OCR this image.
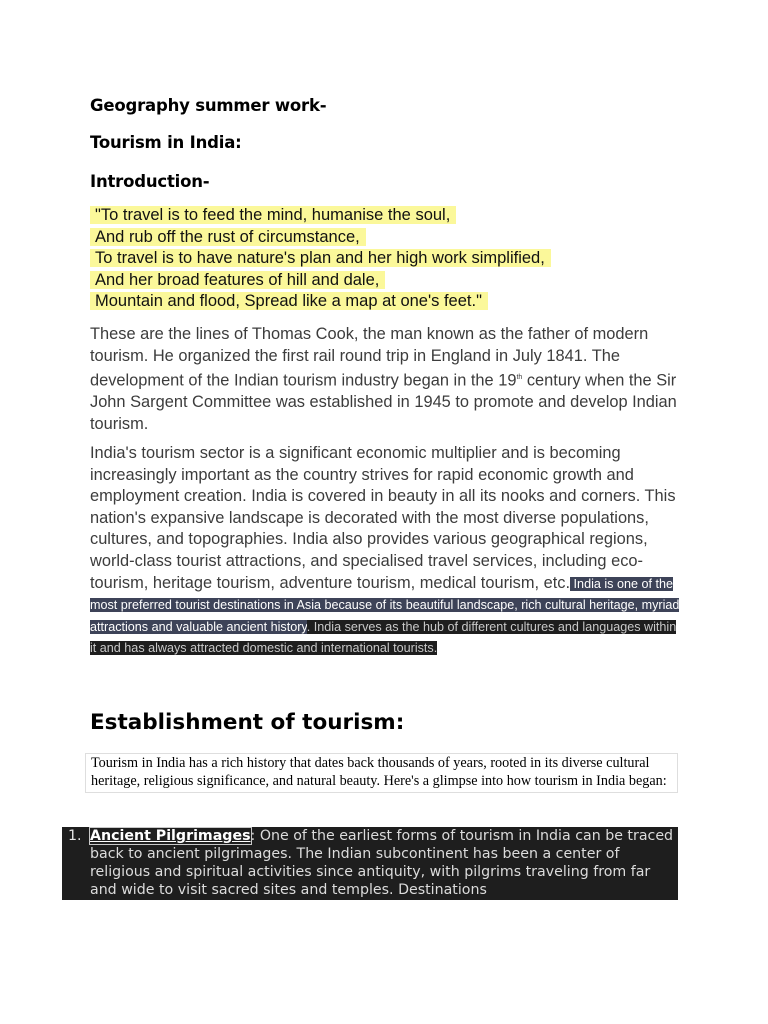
Geography summer work-
Tourism in India:
Introduction-
"To travel is to feed the mind, humanise the soul,
And rub off the rust of circumstance,
To travel is to have nature's plan and her high work simplified,
And her broad features of hill and dale,
Mountain and flood, Spread like a map at one's feet."

These are the lines of Thomas Cook, the man known as the father of modern tourism. He organized the first rail round trip in England in July 1841. The development of the Indian tourism industry began in the 19th century when the Sir John Sargent Committee was established in 1945 to promote and develop Indian tourism.

India's tourism sector is a significant economic multiplier and is becoming increasingly important as the country strives for rapid economic growth and employment creation. India is covered in beauty in all its nooks and corners. This nation's expansive landscape is decorated with the most diverse populations, cultures, and topographies. India also provides various geographical regions, world-class tourist attractions, and specialised travel services, including eco-tourism, heritage tourism, adventure tourism, medical tourism, etc. India is one of the most preferred tourist destinations in Asia because of its beautiful landscape, rich cultural heritage, myriad attractions and valuable ancient history. India serves as the hub of different cultures and languages within it and has always attracted domestic and international tourists.

Establishment of tourism:
Tourism in India has a rich history that dates back thousands of years, rooted in its diverse cultural heritage, religious significance, and natural beauty. Here's a glimpse into how tourism in India began:
1. Ancient Pilgrimages: One of the earliest forms of tourism in India can be traced back to ancient pilgrimages. The Indian subcontinent has been a center of religious and spiritual activities since antiquity, with pilgrims traveling from far and wide to visit sacred sites and temples. Destinations
